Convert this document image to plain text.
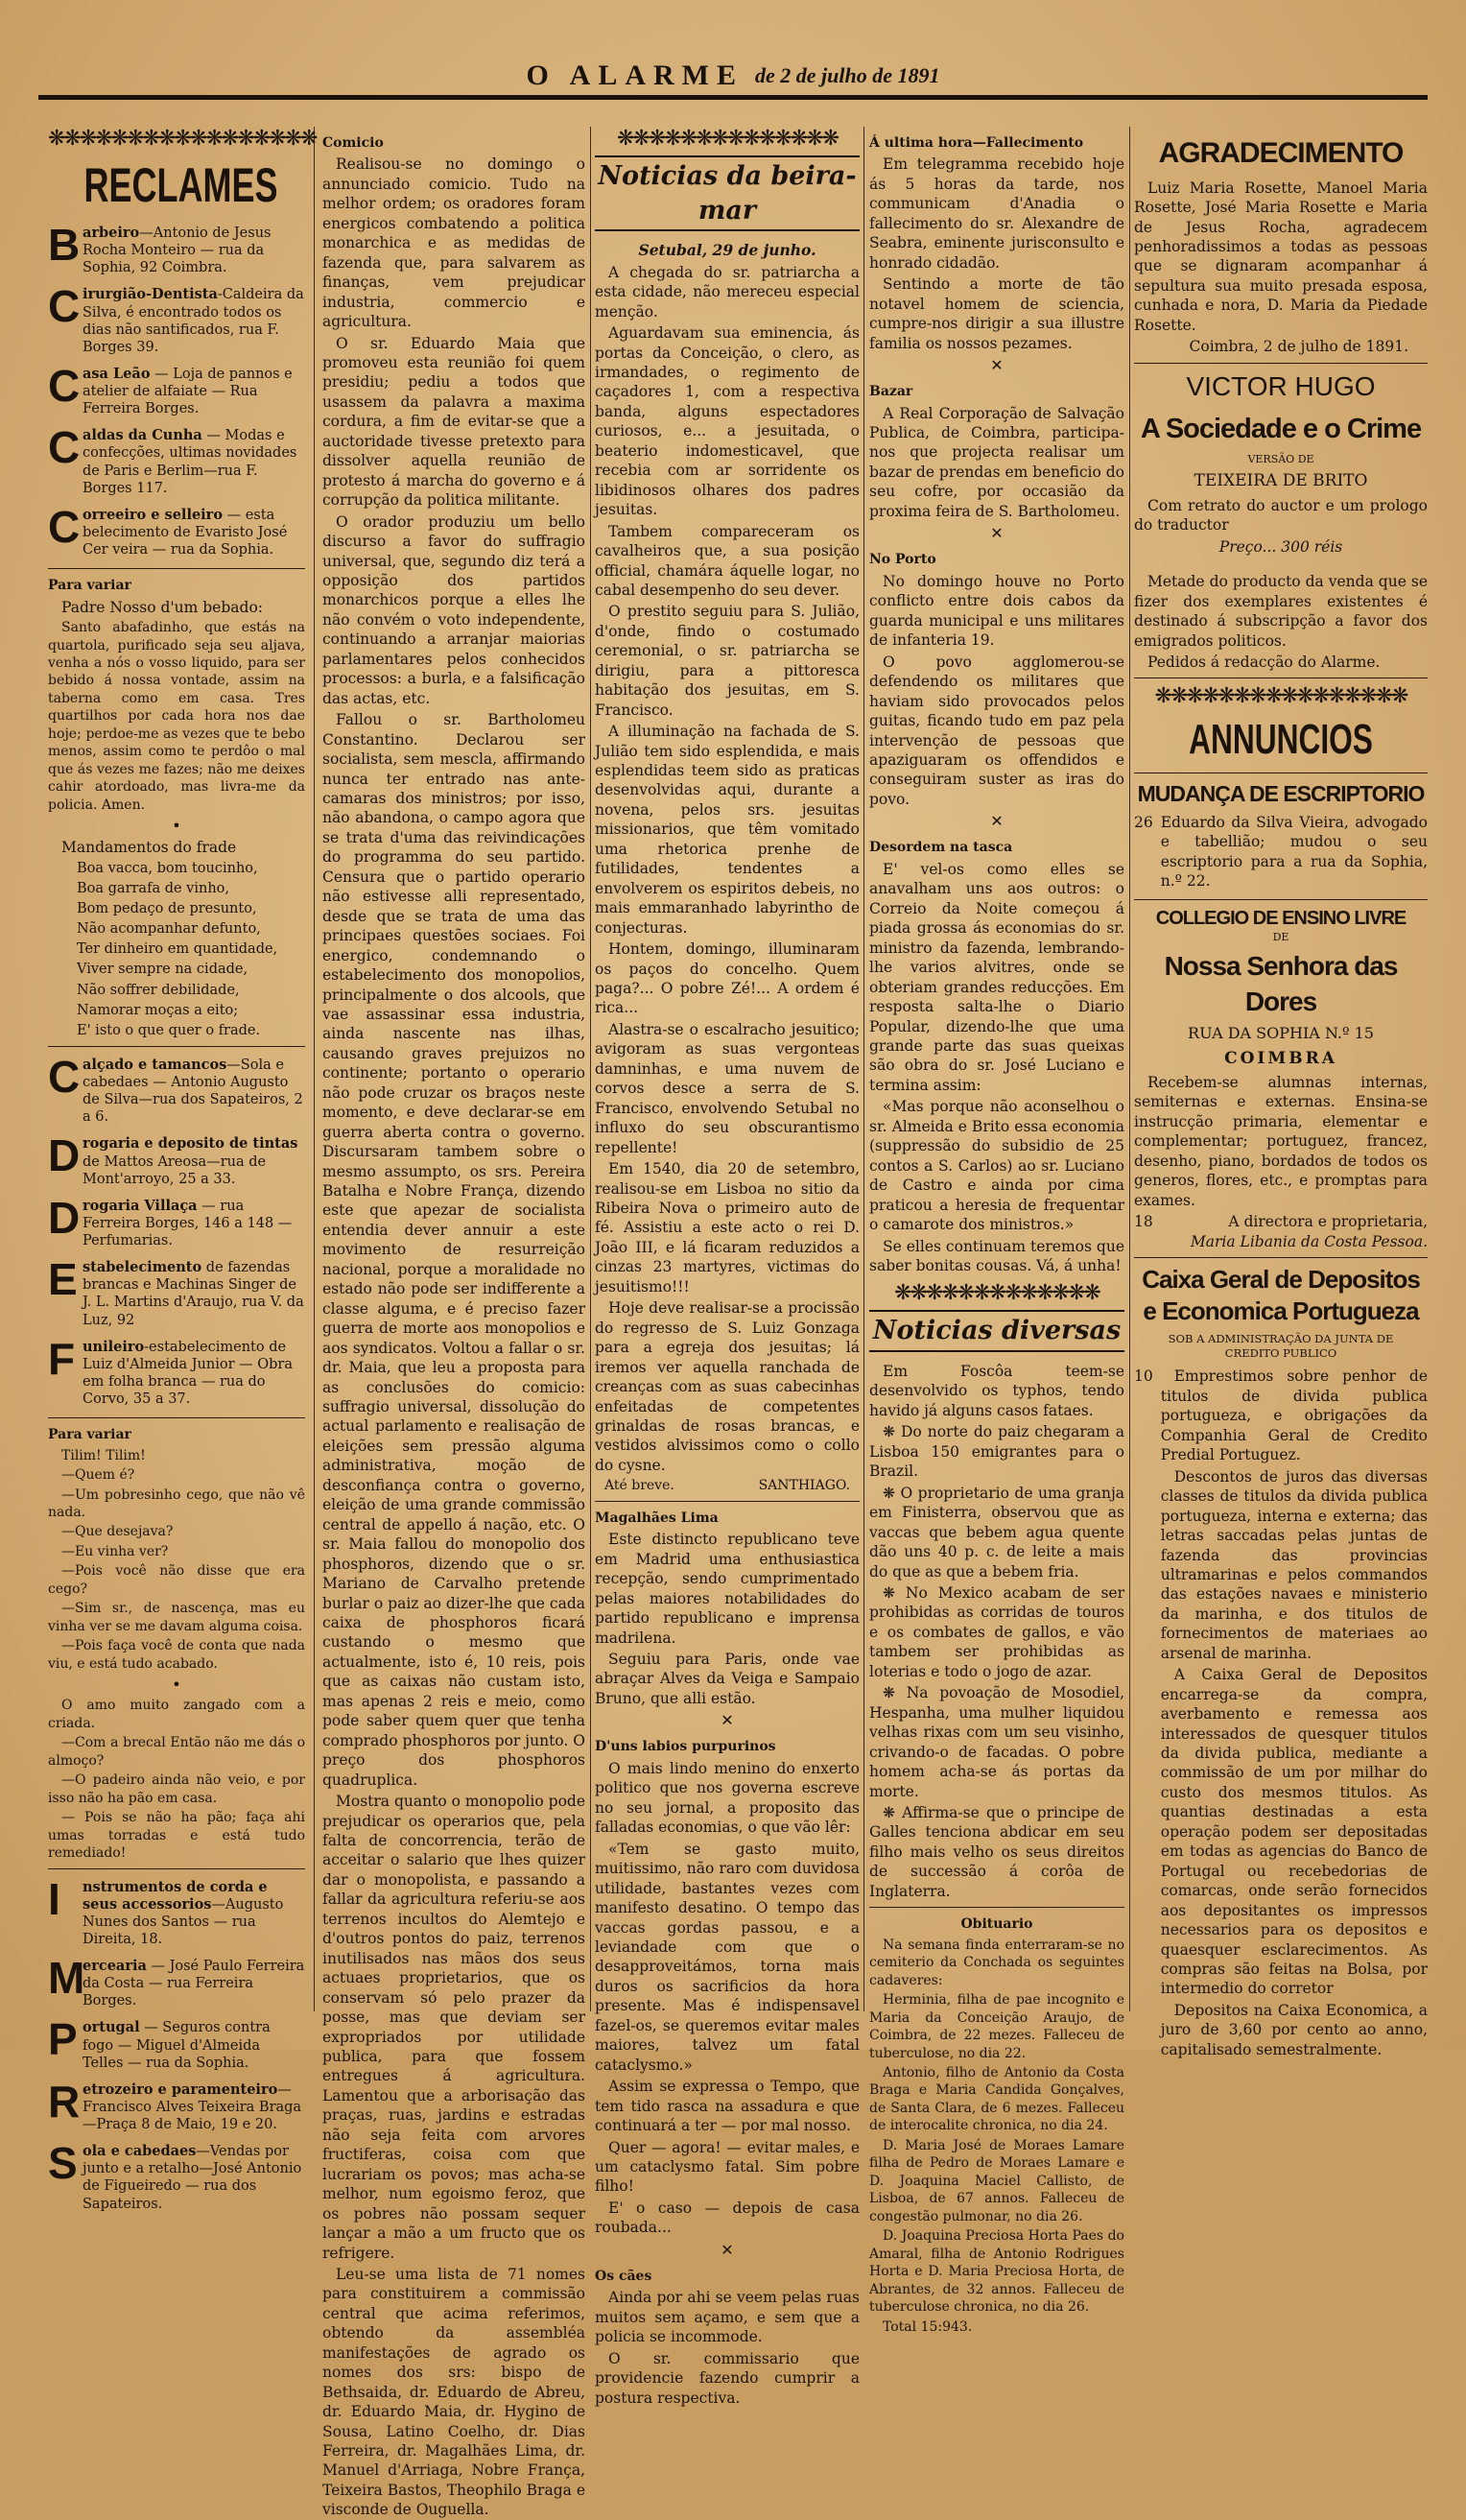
O ALARME de 2 de julho de 1891
❋❋❋❋❋❋❋❋❋❋❋❋❋❋❋❋❋
RECLAMES
B arbeiro—Antonio de Jesus Rocha Monteiro — rua da Sophia, 92 Coimbra.
C irurgião-Dentista-Caldeira da Silva, é encontrado todos os dias não santificados, rua F. Borges 39.
C asa Leão — Loja de pannos e atelier de alfaiate — Rua Ferreira Borges.
C aldas da Cunha — Modas e confecções, ultimas novidades de Paris e Berlim—rua F. Borges 117.
C orreeiro e selleiro — esta belecimento de Evaristo José Cer veira — rua da Sophia.
Para variar

Padre Nosso d'um bebado:

Santo abafadinho, que estás na quartola, purificado seja seu aljava, venha a nós o vosso liquido, para ser bebido á nossa vontade, assim na taberna como em casa. Tres quartilhos por cada hora nos dae hoje; perdoe-me as vezes que te bebo menos, assim como te perdôo o mal que ás vezes me fazes; não me deixes cahir atordoado, mas livra-me da policia. Amen.

•

Mandamentos do frade

Boa vacca, bom toucinho,

Boa garrafa de vinho,

Bom pedaço de presunto,

Não acompanhar defunto,

Ter dinheiro em quantidade,

Viver sempre na cidade,

Não soffrer debilidade,

Namorar moças a eito;

E' isto o que quer o frade.

C alçado e tamancos—Sola e cabedaes — Antonio Augusto de Silva—rua dos Sapateiros, 2 a 6.
D rogaria e deposito de tintas de Mattos Areosa—rua de Mont'arroyo, 25 a 33.
D rogaria Villaça — rua Ferreira Borges, 146 a 148 — Perfumarias.
E stabelecimento de fazendas brancas e Machinas Singer de J. L. Martins d'Araujo, rua V. da Luz, 92
F unileiro-estabelecimento de Luiz d'Almeida Junior — Obra em folha branca — rua do Corvo, 35 a 37.
Para variar

Tilim! Tilim!

—Quem é?

—Um pobresinho cego, que não vê nada.

—Que desejava?

—Eu vinha ver?

—Pois você não disse que era cego?

—Sim sr., de nascença, mas eu vinha ver se me davam alguma coisa.

—Pois faça você de conta que nada viu, e está tudo acabado.

•

O amo muito zangado com a criada.

—Com a brecal Então não me dás o almoço?

—O padeiro ainda não veio, e por isso não ha pão em casa.

— Pois se não ha pão; faça ahi umas torradas e está tudo remediado!

I	nstrumentos de corda e seus accessorios—Augusto Nunes dos Santos — rua Direita, 18.
M
ercearia — José Paulo Ferreira da Costa — rua Ferreira Borges.
P ortugal — Seguros contra fogo — Miguel d'Almeida Telles — rua da Sophia.
R etrozeiro e paramenteiro—Francisco Alves Teixeira Braga—Praça 8 de Maio, 19 e 20.
S ola e cabedaes—Vendas por junto e a retalho—José Antonio de Figueiredo — rua dos Sapateiros.
Comicio

Realisou-se no domingo o annunciado comicio. Tudo na melhor ordem; os oradores foram energicos combatendo a politica monarchica e as medidas de fazenda que, para salvarem as finanças, vem prejudicar industria, commercio e agricultura.

O sr. Eduardo Maia que promoveu esta reunião foi quem presidiu; pediu a todos que usassem da palavra a maxima cordura, a fim de evitar-se que a auctoridade tivesse pretexto para dissolver aquella reunião de protesto á marcha do governo e á corrupção da politica militante.

O orador produziu um bello discurso a favor do suffragio universal, que, segundo diz terá a opposição dos partidos monarchicos porque a elles lhe não convém o voto independente, continuando a arranjar maiorias parlamentares pelos conhecidos processos: a burla, e a falsificação das actas, etc.

Fallou o sr. Bartholomeu Constantino. Declarou ser socialista, sem mescla, affirmando nunca ter entrado nas ante-camaras dos ministros; por isso, não abandona, o campo agora que se trata d'uma das reivindicações do programma do seu partido. Censura que o partido operario não estivesse alli representado, desde que se trata de uma das principaes questões sociaes. Foi energico, condemnando o estabelecimento dos monopolios, principalmente o dos alcools, que vae assassinar essa industria, ainda nascente nas ilhas, causando graves prejuizos no continente; portanto o operario não pode cruzar os braços neste momento, e deve declarar-se em guerra aberta contra o governo. Discursaram tambem sobre o mesmo assumpto, os srs. Pereira Batalha e Nobre França, dizendo este que apezar de socialista entendia dever annuir a este movimento de resurreição nacional, porque a moralidade no estado não pode ser indifferente a classe alguma, e é preciso fazer guerra de morte aos monopolios e aos syndicatos. Voltou a fallar o sr. dr. Maia, que leu a proposta para as conclusões do comicio: suffragio universal, dissolução do actual parlamento e realisação de eleições sem pressão alguma administrativa, moção de desconfiança contra o governo, eleição de uma grande commissão central de appello á nação, etc. O sr. Maia fallou do monopolio dos phosphoros, dizendo que o sr. Mariano de Carvalho pretende burlar o paiz ao dizer-lhe que cada caixa de phosphoros ficará custando o mesmo que actualmente, isto é, 10 reis, pois que as caixas não custam isto, mas apenas 2 reis e meio, como pode saber quem quer que tenha comprado phosphoros por junto. O preço dos phosphoros quadruplica.

Mostra quanto o monopolio pode prejudicar os operarios que, pela falta de concorrencia, terão de acceitar o salario que lhes quizer dar o monopolista, e passando a fallar da agricultura referiu-se aos terrenos incultos do Alemtejo e d'outros pontos do paiz, terrenos inutilisados nas mãos dos seus actuaes proprietarios, que os conservam só pelo prazer da posse, mas que deviam ser expropriados por utilidade publica, para que fossem entregues á agricultura. Lamentou que a arborisação das praças, ruas, jardins e estradas não seja feita com arvores fructiferas, coisa com que lucrariam os povos; mas acha-se melhor, num egoismo feroz, que os pobres não possam sequer lançar a mão a um fructo que os refrigere.

Leu-se uma lista de 71 nomes para constituirem a commissão central que acima referimos, obtendo da assembléa manifestações de agrado os nomes dos srs: bispo de Bethsaida, dr. Eduardo de Abreu, dr. Eduardo Maia, dr. Hygino de Sousa, Latino Coelho, dr. Dias Ferreira, dr. Magalhães Lima, dr. Manuel d'Arriaga, Nobre França, Teixeira Bastos, Theophilo Braga e visconde de Ouguella.

❋❋❋❋❋❋❋❋❋❋❋❋❋❋
Noticias da beira-mar

Setubal, 29 de junho.

A chegada do sr. patriarcha a esta cidade, não mereceu especial menção.

Aguardavam sua eminencia, ás portas da Conceição, o clero, as irmandades, o regimento de caçadores 1, com a respectiva banda, alguns espectadores curiosos, e... a jesuitada, o beaterio indomesticavel, que recebia com ar sorridente os libidinosos olhares dos padres jesuitas.

Tambem compareceram os cavalheiros que, a sua posição official, chamára áquelle logar, no cabal desempenho do seu dever.

O prestito seguiu para S. Julião, d'onde, findo o costumado ceremonial, o sr. patriarcha se dirigiu, para a pittoresca habitação dos jesuitas, em S. Francisco.

A illuminação na fachada de S. Julião tem sido esplendida, e mais esplendidas teem sido as praticas desenvolvidas aqui, durante a novena, pelos srs. jesuitas missionarios, que têm vomitado uma rhetorica prenhe de futilidades, tendentes a envolverem os espiritos debeis, no mais emmaranhado labyrintho de conjecturas.

Hontem, domingo, illuminaram os paços do concelho. Quem paga?... O pobre Zé!... A ordem é rica...

Alastra-se o escalracho jesuitico; avigoram as suas vergonteas damninhas, e uma nuvem de corvos desce a serra de S. Francisco, envolvendo Setubal no influxo do seu obscurantismo repellente!

Em 1540, dia 20 de setembro, realisou-se em Lisboa no sitio da Ribeira Nova o primeiro auto de fé. Assistiu a este acto o rei D. João III, e lá ficaram reduzidos a cinzas 23 martyres, victimas do jesuitismo!!!

Hoje deve realisar-se a procissão do regresso de S. Luiz Gonzaga para a egreja dos jesuitas; lá iremos ver aquella ranchada de creanças com as suas cabecinhas enfeitadas de competentes grinaldas de rosas brancas, e vestidos alvissimos como o collo do cysne.

Até breve.	SANTHIAGO.
Magalhães Lima

Este distincto republicano teve em Madrid uma enthusiastica recepção, sendo cumprimentado pelas maiores notabilidades do partido republicano e imprensa madrilena.

Seguiu para Paris, onde vae abraçar Alves da Veiga e Sampaio Bruno, que alli estão.

✕
D'uns labios purpurinos

O mais lindo menino do enxerto politico que nos governa escreve no seu jornal, a proposito das falladas economias, o que vão lêr:

«Tem se gasto muito, muitissimo, não raro com duvidosa utilidade, bastantes vezes com manifesto desatino. O tempo das vaccas gordas passou, e a leviandade com que o desapproveitámos, torna mais duros os sacrificios da hora presente. Mas é indispensavel fazel-os, se queremos evitar males maiores, talvez um fatal cataclysmo.»

Assim se expressa o Tempo, que tem tido rasca na assadura e que continuará a ter — por mal nosso.

Quer — agora! — evitar males, e um cataclysmo fatal. Sim pobre filho!

E' o caso — depois de casa roubada...

✕
Os cães

Ainda por ahi se veem pelas ruas muitos sem açamo, e sem que a policia se incommode.

O sr. commissario que providencie fazendo cumprir a postura respectiva.

Á ultima hora—Fallecimento

Em telegramma recebido hoje ás 5 horas da tarde, nos communicam d'Anadia o fallecimento do sr. Alexandre de Seabra, eminente jurisconsulto e honrado cidadão.

Sentindo a morte de tão notavel homem de sciencia, cumpre-nos dirigir a sua illustre familia os nossos pezames.

✕
Bazar

A Real Corporação de Salvação Publica, de Coimbra, participa-nos que projecta realisar um bazar de prendas em beneficio do seu cofre, por occasião da proxima feira de S. Bartholomeu.

✕
No Porto

No domingo houve no Porto conflicto entre dois cabos da guarda municipal e uns militares de infanteria 19.

O povo agglomerou-se defendendo os militares que haviam sido provocados pelos guitas, ficando tudo em paz pela intervenção de pessoas que apaziguaram os offendidos e conseguiram suster as iras do povo.

✕
Desordem na tasca

E' vel-os como elles se anavalham uns aos outros: o Correio da Noite começou á piada grossa ás economias do sr. ministro da fazenda, lembrando-lhe varios alvitres, onde se obteriam grandes reducções. Em resposta salta-lhe o Diario Popular, dizendo-lhe que uma grande parte das suas queixas são obra do sr. José Luciano e termina assim:

«Mas porque não aconselhou o sr. Almeida e Brito essa economia (suppressão do subsidio de 25 contos a S. Carlos) ao sr. Luciano de Castro e ainda por cima praticou a heresia de frequentar o camarote dos ministros.»

Se elles continuam teremos que saber bonitas cousas. Vá, á unha!

❋❋❋❋❋❋❋❋❋❋❋❋❋
Noticias diversas

Em Foscôa teem-se desenvolvido os typhos, tendo havido já alguns casos fataes.

❋ Do norte do paiz chegaram a Lisboa 150 emigrantes para o Brazil.

❋ O proprietario de uma granja em Finisterra, observou que as vaccas que bebem agua quente dão uns 40 p. c. de leite a mais do que as que a bebem fria.

❋ No Mexico acabam de ser prohibidas as corridas de touros e os combates de gallos, e vão tambem ser prohibidas as loterias e todo o jogo de azar.

❋ Na povoação de Mosodiel, Hespanha, uma mulher liquidou velhas rixas com um seu visinho, crivando-o de facadas. O pobre homem acha-se ás portas da morte.

❋ Affirma-se que o principe de Galles tenciona abdicar em seu filho mais velho os seus direitos de successão á corôa de Inglaterra.

Obituario

Na semana finda enterraram-se no cemiterio da Conchada os seguintes cadaveres:

Herminia, filha de pae incognito e Maria da Conceição Araujo, de Coimbra, de 22 mezes. Falleceu de tuberculose, no dia 22.

Antonio, filho de Antonio da Costa Braga e Maria Candida Gonçalves, de Santa Clara, de 6 mezes. Falleceu de interocalite chronica, no dia 24.

D. Maria José de Moraes Lamare filha de Pedro de Moraes Lamare e D. Joaquina Maciel Callisto, de Lisboa, de 67 annos. Falleceu de congestão pulmonar, no dia 26.

D. Joaquina Preciosa Horta Paes do Amaral, filha de Antonio Rodrigues Horta e D. Maria Preciosa Horta, de Abrantes, de 32 annos. Falleceu de tuberculose chronica, no dia 26.

Total 15:943.

AGRADECIMENTO

Luiz Maria Rosette, Manoel Maria Rosette, José Maria Rosette e Maria de Jesus Rocha, agradecem penhoradissimos a todas as pessoas que se dignaram acompanhar á sepultura sua muito presada esposa, cunhada e nora, D. Maria da Piedade Rosette.

Coimbra, 2 de julho de 1891.

VICTOR HUGO
A Sociedade e o Crime
VERSÃO DE
TEIXEIRA DE BRITO

Com retrato do auctor e um prologo do traductor

Preço... 300 réis

Metade do producto da venda que se fizer dos exemplares existentes é destinado á subscripção a favor dos emigrados politicos.

Pedidos á redacção do Alarme.

❋❋❋❋❋❋❋❋❋❋❋❋❋❋❋❋
ANNUNCIOS
MUDANÇA DE ESCRIPTORIO
26 Eduardo da Silva Vieira, advogado e tabellião; mudou o seu escriptorio para a rua da Sophia, n.º 22.

COLLEGIO DE ENSINO LIVRE
DE
Nossa Senhora das Dores
RUA DA SOPHIA N.º 15
COIMBRA

Recebem-se alumnas internas, semiternas e externas. Ensina-se instrucção primaria, elementar e complementar; portuguez, francez, desenho, piano, bordados de todos os generos, flores, etc., e promptas para exames.

18	A directora e proprietaria,

Maria Libania da Costa Pessoa.

Caixa Geral de Depositos e Economica Portugueza
SOB A ADMINISTRAÇÃO DA JUNTA DE CREDITO PUBLICO
10	Emprestimos sobre penhor de titulos de divida publica portugueza, e obrigações da Companhia Geral de Credito Predial Portuguez.

Descontos de juros das diversas classes de titulos da divida publica portugueza, interna e externa; das letras saccadas pelas juntas de fazenda das provincias ultramarinas e pelos commandos das estações navaes e ministerio da marinha, e dos titulos de fornecimentos de materiaes ao arsenal de marinha.

A Caixa Geral de Depositos encarrega-se da compra, averbamento e remessa aos interessados de quesquer titulos da divida publica, mediante a commissão de um por milhar do custo dos mesmos titulos. As quantias destinadas a esta operação podem ser depositadas em todas as agencias do Banco de Portugal ou recebedorias de comarcas, onde serão fornecidos aos depositantes os impressos necessarios para os depositos e quaesquer esclarecimentos. As compras são feitas na Bolsa, por intermedio do corretor

Depositos na Caixa Economica, a juro de 3,60 por cento ao anno, capitalisado semestralmente.
